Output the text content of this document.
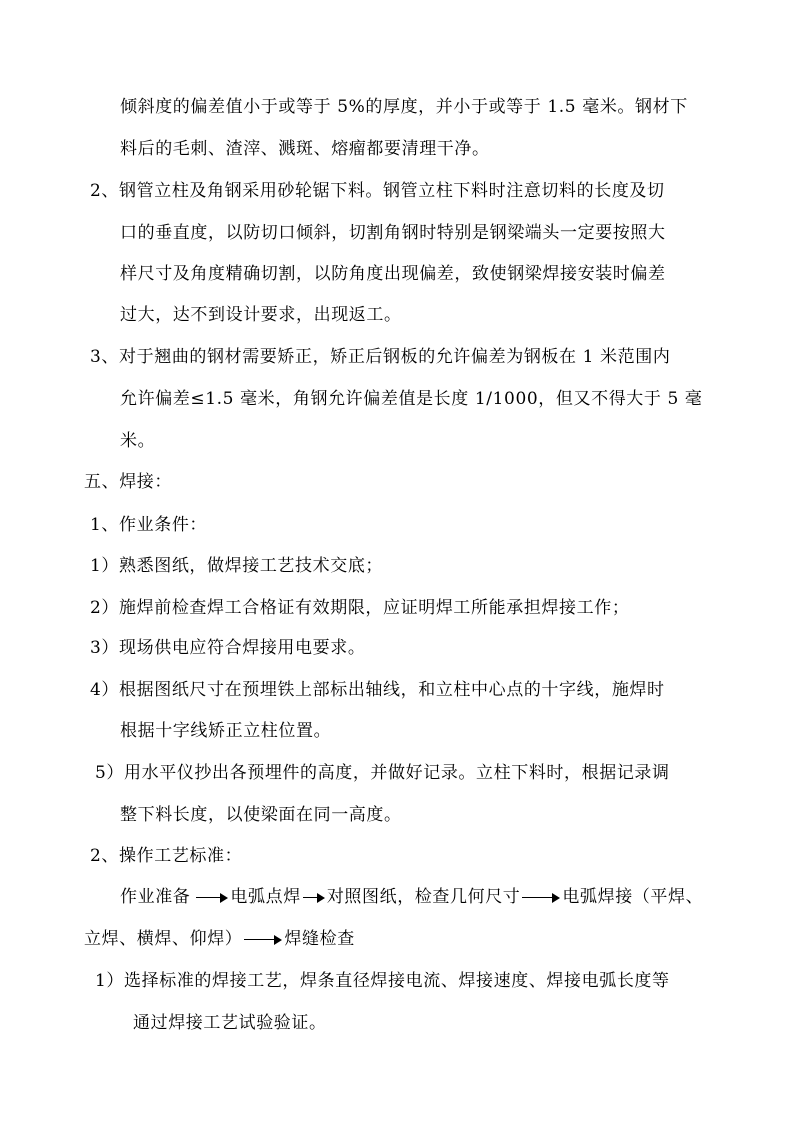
倾斜度的偏差值小于或等于 5%的厚度，并小于或等于 1.5 毫米。钢材下
料后的毛刺、渣滓、溅斑、熔瘤都要清理干净。
2、钢管立柱及角钢采用砂轮锯下料。钢管立柱下料时注意切料的长度及切
口的垂直度，以防切口倾斜，切割角钢时特别是钢梁端头一定要按照大
样尺寸及角度精确切割，以防角度出现偏差，致使钢梁焊接安装时偏差
过大，达不到设计要求，出现返工。
3、对于翘曲的钢材需要矫正，矫正后钢板的允许偏差为钢板在 1 米范围内
允许偏差≤1.5 毫米，角钢允许偏差值是长度 1/1000，但又不得大于 5 毫
米。
五、焊接：
1、作业条件：
1）熟悉图纸，做焊接工艺技术交底；
2）施焊前检查焊工合格证有效期限，应证明焊工所能承担焊接工作；
3）现场供电应符合焊接用电要求。
4）根据图纸尺寸在预埋铁上部标出轴线，和立柱中心点的十字线，施焊时
根据十字线矫正立柱位置。
5）用水平仪抄出各预埋件的高度，并做好记录。立柱下料时，根据记录调
整下料长度，以使梁面在同一高度。
2、操作工艺标准：
作业准备 电弧点焊 对照图纸，检查几何尺寸 电弧焊接（平焊、
立焊、横焊、仰焊） 焊缝检查
1）选择标准的焊接工艺，焊条直径焊接电流、焊接速度、焊接电弧长度等
通过焊接工艺试验验证。
